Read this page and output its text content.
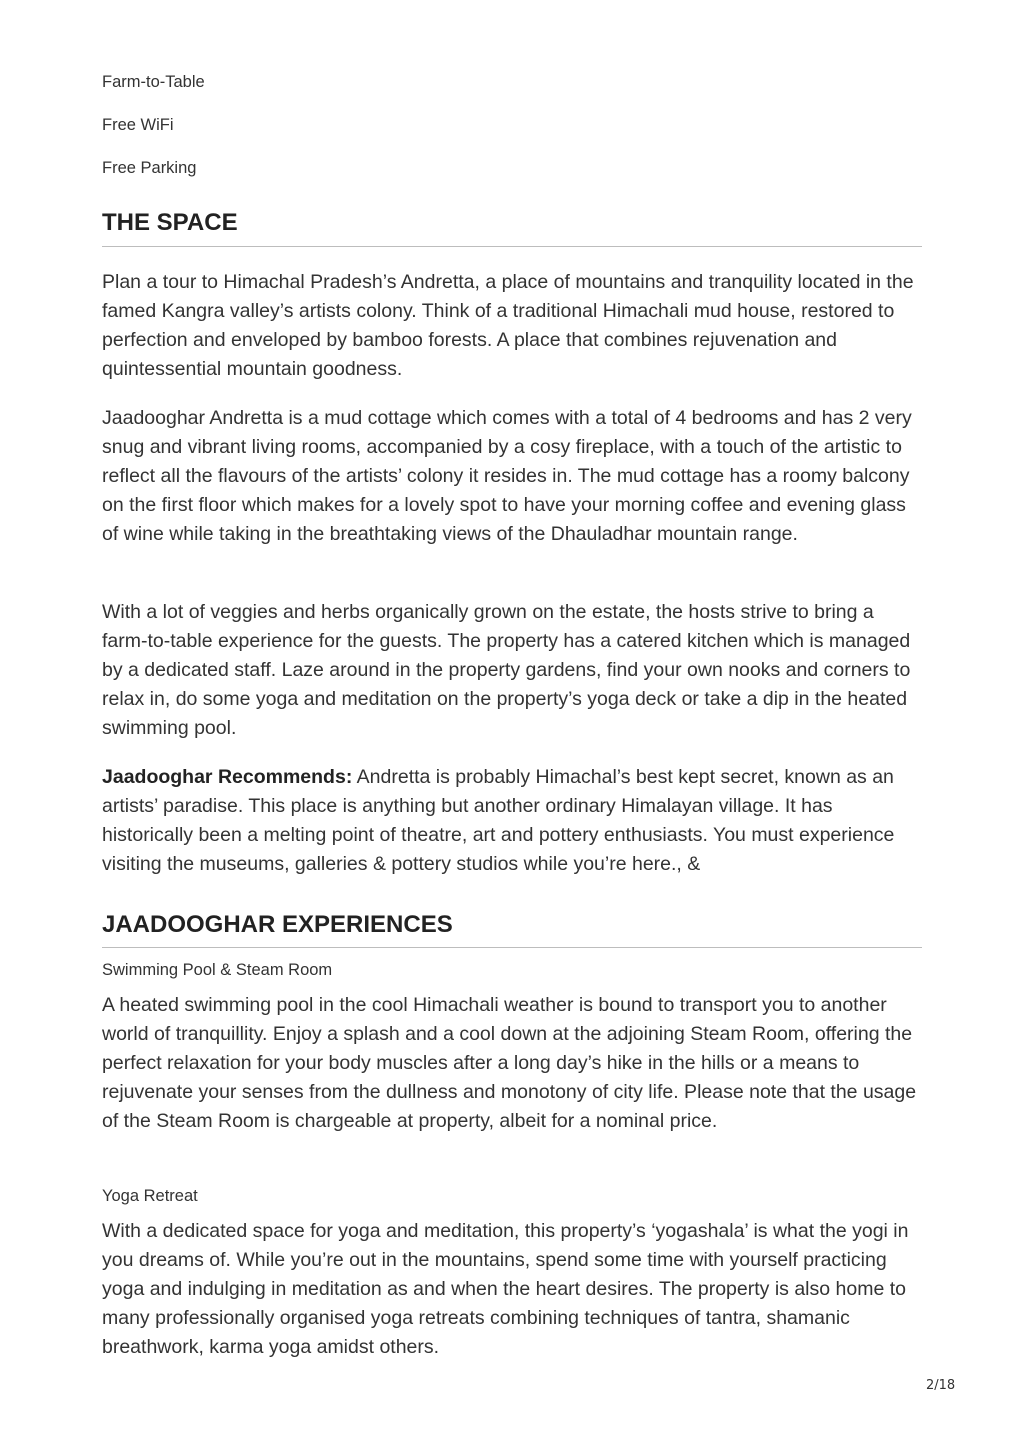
Farm-to-Table
Free WiFi
Free Parking
THE SPACE

Plan a tour to Himachal Pradesh’s Andretta, a place of mountains and tranquility located in the famed Kangra valley’s artists colony. Think of a traditional Himachali mud house, restored to perfection and enveloped by bamboo forests. A place that combines rejuvenation and quintessential mountain goodness.

Jaadooghar Andretta is a mud cottage which comes with a total of 4 bedrooms and has 2 very snug and vibrant living rooms, accompanied by a cosy fireplace, with a touch of the artistic to reflect all the flavours of the artists’ colony it resides in. The mud cottage has a roomy balcony on the first floor which makes for a lovely spot to have your morning coffee and evening glass of wine while taking in the breathtaking views of the Dhauladhar mountain range.

With a lot of veggies and herbs organically grown on the estate, the hosts strive to bring a farm-to-table experience for the guests. The property has a catered kitchen which is managed by a dedicated staff. Laze around in the property gardens, find your own nooks and corners to relax in, do some yoga and meditation on the property’s yoga deck or take a dip in the heated swimming pool.

Jaadooghar Recommends: Andretta is probably Himachal’s best kept secret, known as an artists’ paradise. This place is anything but another ordinary Himalayan village. It has historically been a melting point of theatre, art and pottery enthusiasts. You must experience visiting the museums, galleries & pottery studios while you’re here., &

JAADOOGHAR EXPERIENCES
Swimming Pool & Steam Room

A heated swimming pool in the cool Himachali weather is bound to transport you to another world of tranquillity. Enjoy a splash and a cool down at the adjoining Steam Room, offering the perfect relaxation for your body muscles after a long day’s hike in the hills or a means to rejuvenate your senses from the dullness and monotony of city life. Please note that the usage of the Steam Room is chargeable at property, albeit for a nominal price.

Yoga Retreat

With a dedicated space for yoga and meditation, this property’s ‘yogashala’ is what the yogi in you dreams of. While you’re out in the mountains, spend some time with yourself practicing yoga and indulging in meditation as and when the heart desires. The property is also home to many professionally organised yoga retreats combining techniques of tantra, shamanic breathwork, karma yoga amidst others.

2/18
